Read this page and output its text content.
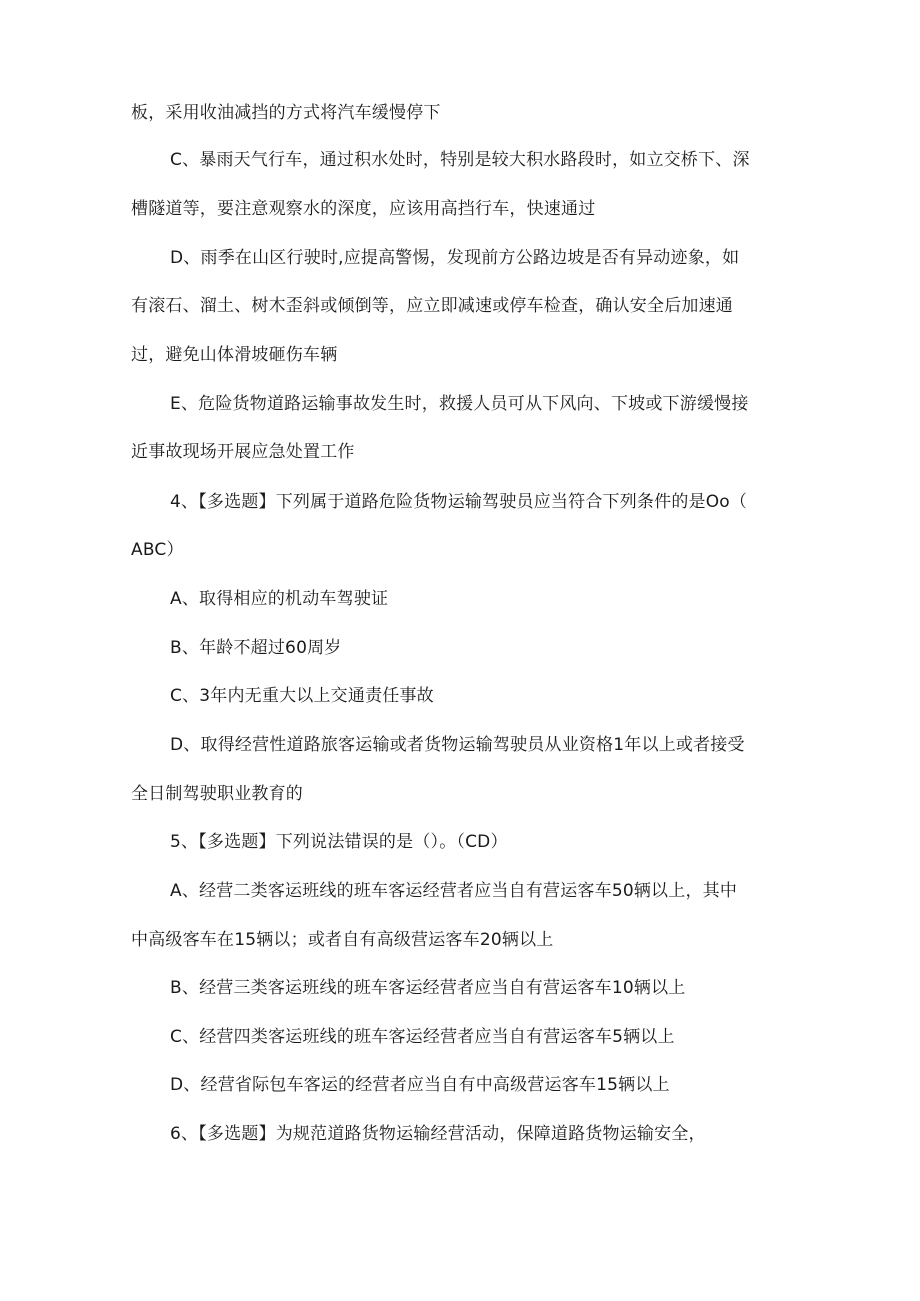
板，采用收油减挡的方式将汽车缓慢停下
C、暴雨天气行车，通过积水处时，特别是较大积水路段时，如立交桥下、深
槽隧道等，要注意观察水的深度，应该用高挡行车，快速通过
D、雨季在山区行驶时,应提高警惕，发现前方公路边坡是否有异动迹象，如
有滚石、溜土、树木歪斜或倾倒等，应立即减速或停车检查，确认安全后加速通
过，避免山体滑坡砸伤车辆
E、危险货物道路运输事故发生时，救援人员可从下风向、下坡或下游缓慢接
近事故现场开展应急处置工作
4、【多选题】下列属于道路危险货物运输驾驶员应当符合下列条件的是Oo（
ABC）
A、取得相应的机动车驾驶证
B、年龄不超过60周岁
C、3年内无重大以上交通责任事故
D、取得经营性道路旅客运输或者货物运输驾驶员从业资格1年以上或者接受
全日制驾驶职业教育的
5、【多选题】下列说法错误的是（）。（CD）
A、经营二类客运班线的班车客运经营者应当自有营运客车50辆以上，其中
中高级客车在15辆以；或者自有高级营运客车20辆以上
B、经营三类客运班线的班车客运经营者应当自有营运客车10辆以上
C、经营四类客运班线的班车客运经营者应当自有营运客车5辆以上
D、经营省际包车客运的经营者应当自有中高级营运客车15辆以上
6、【多选题】为规范道路货物运输经营活动，保障道路货物运输安全，
